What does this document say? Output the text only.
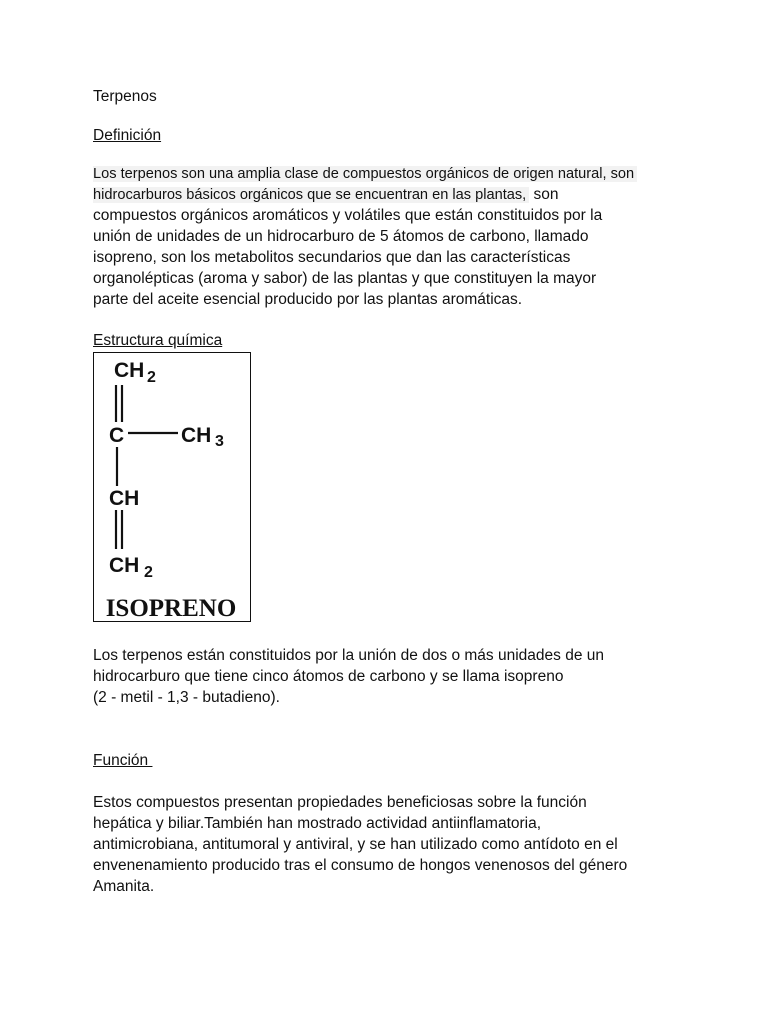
Terpenos
Definición
Los terpenos son una amplia clase de compuestos orgánicos de origen natural, son
hidrocarburos básicos orgánicos que se encuentran en las plantas, son
compuestos orgánicos aromáticos y volátiles que están constituidos por la
unión de unidades de un hidrocarburo de 5 átomos de carbono, llamado
isopreno, son los metabolitos secundarios que dan las características
organolépticas (aroma y sabor) de las plantas y que constituyen la mayor
parte del aceite esencial producido por las plantas aromáticas.
Estructura química
CH 2
C	CH 3
CH
CH 2
ISOPRENO
Los terpenos están constituidos por la unión de dos o más unidades de un
hidrocarburo que tiene cinco átomos de carbono y se llama isopreno
(2 - metil - 1,3 - butadieno).
Función
Estos compuestos presentan propiedades beneficiosas sobre la función
hepática y biliar.También han mostrado actividad antiinflamatoria,
antimicrobiana, antitumoral y antiviral, y se han utilizado como antídoto en el
envenenamiento producido tras el consumo de hongos venenosos del género
Amanita.
